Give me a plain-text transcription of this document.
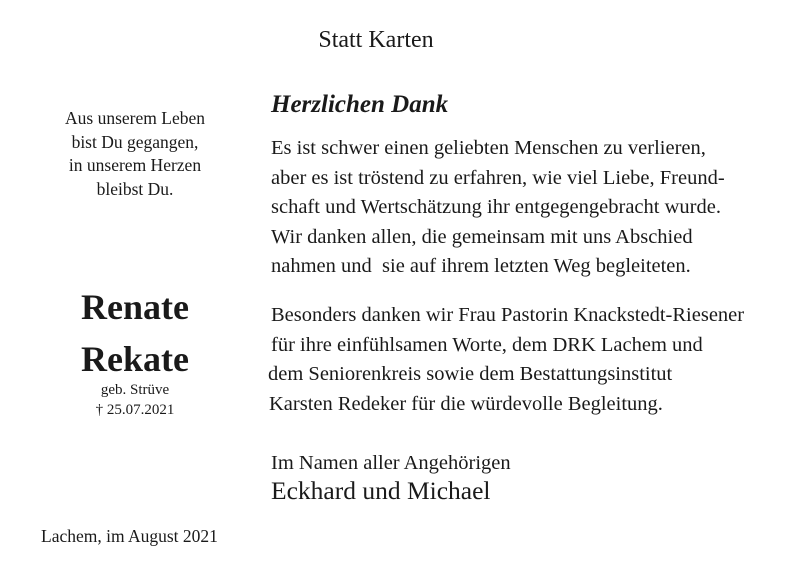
Statt Karten
Aus unserem Leben
bist Du gegangen,
in unserem Herzen
bleibst Du.
Renate
Rekate
geb. Strüve
† 25.07.2021
Lachem, im August 2021
Herzlichen Dank
Es ist schwer einen geliebten Menschen zu verlieren,
aber es ist tröstend zu erfahren, wie viel Liebe, Freund-
schaft und Wertschätzung ihr entgegengebracht wurde.
Wir danken allen, die gemeinsam mit uns Abschied
nahmen und  sie auf ihrem letzten Weg begleiteten.
Besonders danken wir Frau Pastorin Knackstedt-Riesener
für ihre einfühlsamen Worte, dem DRK Lachem und
dem Seniorenkreis sowie dem Bestattungsinstitut
Karsten Redeker für die würdevolle Begleitung.
Im Namen aller Angehörigen
Eckhard und Michael
